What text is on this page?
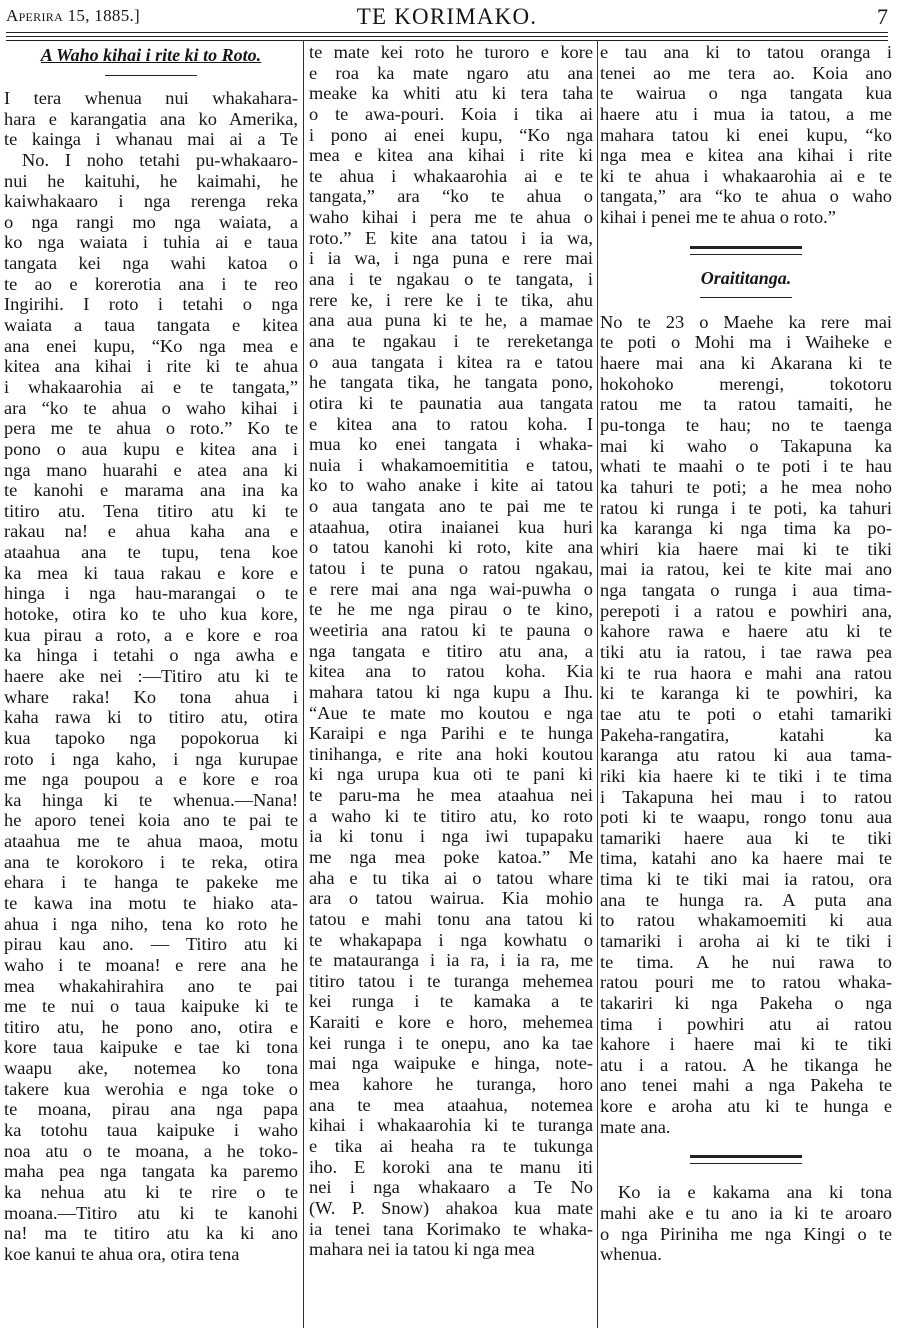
Aperira 15, 1885.]	TE KORIMAKO.	7
A Waho kihai i rite ki to Roto.
I tera whenua nui whakahara-
hara e karangatia ana ko Amerika,
te kainga i whanau mai ai a Te
No. I noho tetahi pu-whakaaro-
nui he kaituhi, he kaimahi, he
kaiwhakaaro i nga rerenga reka
o nga rangi mo nga waiata, a
ko nga waiata i tuhia ai e taua
tangata kei nga wahi katoa o
te ao e korerotia ana i te reo
Ingirihi. I roto i tetahi o nga
waiata a taua tangata e kitea
ana enei kupu, “Ko nga mea e
kitea ana kihai i rite ki te ahua
i whakaarohia ai e te tangata,”
ara “ko te ahua o waho kihai i
pera me te ahua o roto.” Ko te
pono o aua kupu e kitea ana i
nga mano huarahi e atea ana ki
te kanohi e marama ana ina ka
titiro atu. Tena titiro atu ki te
rakau na! e ahua kaha ana e
ataahua ana te tupu, tena koe
ka mea ki taua rakau e kore e
hinga i nga hau-marangai o te
hotoke, otira ko te uho kua kore,
kua pirau a roto, a e kore e roa
ka hinga i tetahi o nga awha e
haere ake nei :—Titiro atu ki te
whare raka! Ko tona ahua i
kaha rawa ki to titiro atu, otira
kua tapoko nga popokorua ki
roto i nga kaho, i nga kurupae
me nga poupou a e kore e roa
ka hinga ki te whenua.—Nana!
he aporo tenei koia ano te pai te
ataahua me te ahua maoa, motu
ana te korokoro i te reka, otira
ehara i te hanga te pakeke me
te kawa ina motu te hiako ata-
ahua i nga niho, tena ko roto he
pirau kau ano. — Titiro atu ki
waho i te moana! e rere ana he
mea whakahirahira ano te pai
me te nui o taua kaipuke ki te
titiro atu, he pono ano, otira e
kore taua kaipuke e tae ki tona
waapu ake, notemea ko tona
takere kua werohia e nga toke o
te moana, pirau ana nga papa
ka totohu taua kaipuke i waho
noa atu o te moana, a he toko-
maha pea nga tangata ka paremo
ka nehua atu ki te rire o te
moana.—Titiro atu ki te kanohi
na! ma te titiro atu ka ki ano
koe kanui te ahua ora, otira tena
te mate kei roto he turoro e kore
e roa ka mate ngaro atu ana
meake ka whiti atu ki tera taha
o te awa-pouri. Koia i tika ai
i pono ai enei kupu, “Ko nga
mea e kitea ana kihai i rite ki
te ahua i whakaarohia ai e te
tangata,” ara “ko te ahua o
waho kihai i pera me te ahua o
roto.” E kite ana tatou i ia wa,
i ia wa, i nga puna e rere mai
ana i te ngakau o te tangata, i
rere ke, i rere ke i te tika, ahu
ana aua puna ki te he, a mamae
ana te ngakau i te rereketanga
o aua tangata i kitea ra e tatou
he tangata tika, he tangata pono,
otira ki te paunatia aua tangata
e kitea ana to ratou koha. I
mua ko enei tangata i whaka-
nuia i whakamoemititia e tatou,
ko to waho anake i kite ai tatou
o aua tangata ano te pai me te
ataahua, otira inaianei kua huri
o tatou kanohi ki roto, kite ana
tatou i te puna o ratou ngakau,
e rere mai ana nga wai-puwha o
te he me nga pirau o te kino,
weetiria ana ratou ki te pauna o
nga tangata e titiro atu ana, a
kitea ana to ratou koha. Kia
mahara tatou ki nga kupu a Ihu.
“Aue te mate mo koutou e nga
Karaipi e nga Parihi e te hunga
tinihanga, e rite ana hoki koutou
ki nga urupa kua oti te pani ki
te paru-ma he mea ataahua nei
a waho ki te titiro atu, ko roto
ia ki tonu i nga iwi tupapaku
me nga mea poke katoa.” Me
aha e tu tika ai o tatou whare
ara o tatou wairua. Kia mohio
tatou e mahi tonu ana tatou ki
te whakapapa i nga kowhatu o
te matauranga i ia ra, i ia ra, me
titiro tatou i te turanga mehemea
kei runga i te kamaka a te
Karaiti e kore e horo, mehemea
kei runga i te onepu, ano ka tae
mai nga waipuke e hinga, note-
mea kahore he turanga, horo
ana te mea ataahua, notemea
kihai i whakaarohia ki te turanga
e tika ai heaha ra te tukunga
iho. E koroki ana te manu iti
nei i nga whakaaro a Te No
(W. P. Snow) ahakoa kua mate
ia tenei tana Korimako te whaka-
mahara nei ia tatou ki nga mea
e tau ana ki to tatou oranga i
tenei ao me tera ao. Koia ano
te wairua o nga tangata kua
haere atu i mua ia tatou, a me
mahara tatou ki enei kupu, “ko
nga mea e kitea ana kihai i rite
ki te ahua i whakaarohia ai e te
tangata,” ara “ko te ahua o waho
kihai i penei me te ahua o roto.”
Oraititanga.
No te 23 o Maehe ka rere mai
te poti o Mohi ma i Waiheke e
haere mai ana ki Akarana ki te
hokohoko merengi, tokotoru
ratou me ta ratou tamaiti, he
pu-tonga te hau; no te taenga
mai ki waho o Takapuna ka
whati te maahi o te poti i te hau
ka tahuri te poti; a he mea noho
ratou ki runga i te poti, ka tahuri
ka karanga ki nga tima ka po-
whiri kia haere mai ki te tiki
mai ia ratou, kei te kite mai ano
nga tangata o runga i aua tima-
perepoti i a ratou e powhiri ana,
kahore rawa e haere atu ki te
tiki atu ia ratou, i tae rawa pea
ki te rua haora e mahi ana ratou
ki te karanga ki te powhiri, ka
tae atu te poti o etahi tamariki
Pakeha-rangatira, katahi ka
karanga atu ratou ki aua tama-
riki kia haere ki te tiki i te tima
i Takapuna hei mau i to ratou
poti ki te waapu, rongo tonu aua
tamariki haere aua ki te tiki
tima, katahi ano ka haere mai te
tima ki te tiki mai ia ratou, ora
ana te hunga ra. A puta ana
to ratou whakamoemiti ki aua
tamariki i aroha ai ki te tiki i
te tima. A he nui rawa to
ratou pouri me to ratou whaka-
takariri ki nga Pakeha o nga
tima i powhiri atu ai ratou
kahore i haere mai ki te tiki
atu i a ratou. A he tikanga he
ano tenei mahi a nga Pakeha te
kore e aroha atu ki te hunga e
mate ana.
Ko ia e kakama ana ki tona
mahi ake e tu ano ia ki te aroaro
o nga Piriniha me nga Kingi o te
whenua.
